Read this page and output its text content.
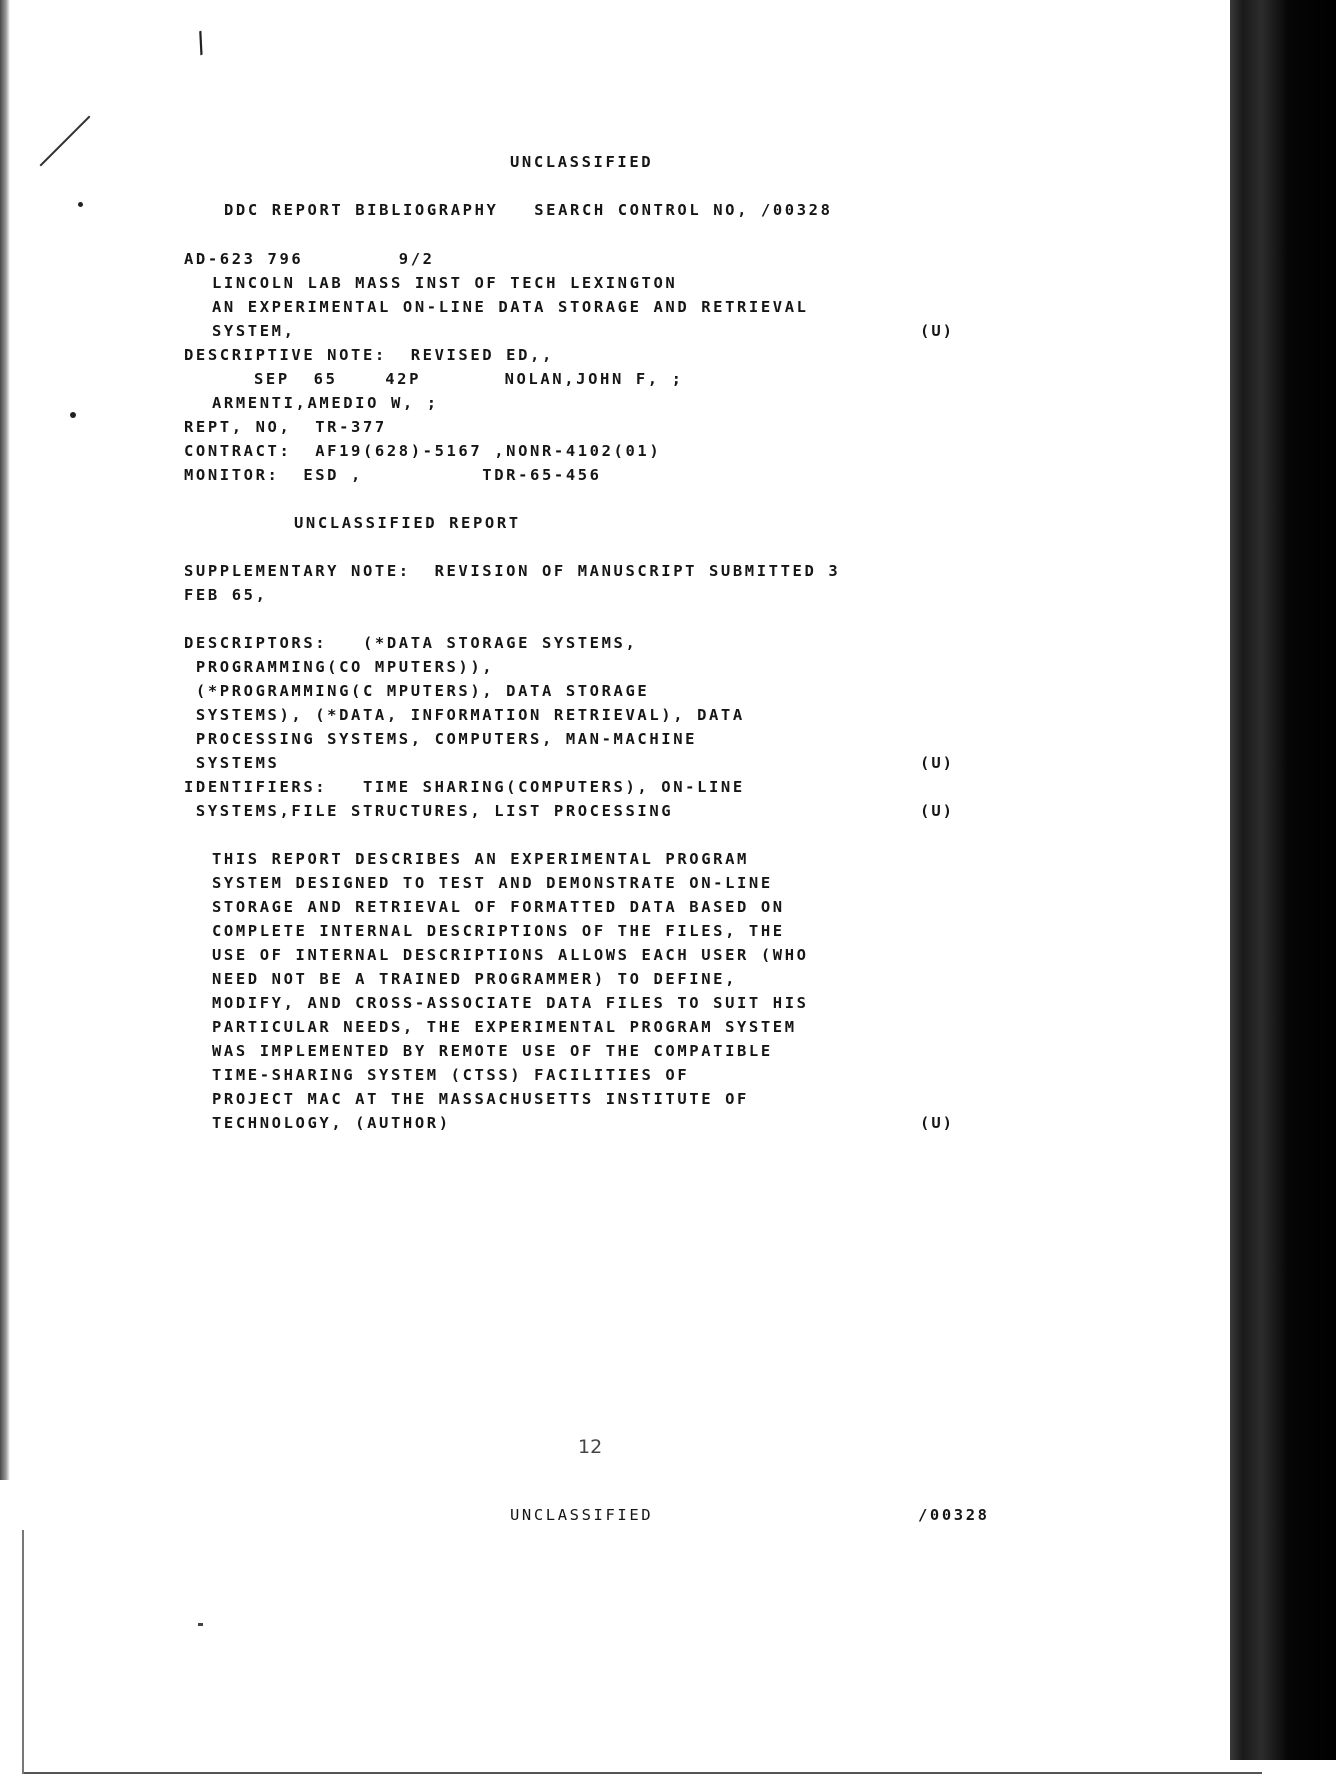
/
UNCLASSIFIED
DDC REPORT BIBLIOGRAPHY   SEARCH CONTROL NO, /00328
AD-623 796        9/2
LINCOLN LAB MASS INST OF TECH LEXINGTON
AN EXPERIMENTAL ON-LINE DATA STORAGE AND RETRIEVAL
SYSTEM,	(U)
DESCRIPTIVE NOTE:  REVISED ED,,
SEP  65    42P       NOLAN,JOHN F, ;
ARMENTI,AMEDIO W, ;
REPT, NO,  TR-377
CONTRACT:  AF19(628)-5167 ,NONR-4102(01)
MONITOR:  ESD ,          TDR-65-456
UNCLASSIFIED REPORT
SUPPLEMENTARY NOTE:  REVISION OF MANUSCRIPT SUBMITTED 3
FEB 65,
DESCRIPTORS:   (*DATA STORAGE SYSTEMS,
PROGRAMMING(CO MPUTERS)),
(*PROGRAMMING(C MPUTERS), DATA STORAGE
SYSTEMS), (*DATA, INFORMATION RETRIEVAL), DATA
PROCESSING SYSTEMS, COMPUTERS, MAN-MACHINE
SYSTEMS	(U)
IDENTIFIERS:   TIME SHARING(COMPUTERS), ON-LINE
SYSTEMS,FILE STRUCTURES, LIST PROCESSING	(U)
THIS REPORT DESCRIBES AN EXPERIMENTAL PROGRAM
SYSTEM DESIGNED TO TEST AND DEMONSTRATE ON-LINE
STORAGE AND RETRIEVAL OF FORMATTED DATA BASED ON
COMPLETE INTERNAL DESCRIPTIONS OF THE FILES, THE
USE OF INTERNAL DESCRIPTIONS ALLOWS EACH USER (WHO
NEED NOT BE A TRAINED PROGRAMMER) TO DEFINE,
MODIFY, AND CROSS-ASSOCIATE DATA FILES TO SUIT HIS
PARTICULAR NEEDS, THE EXPERIMENTAL PROGRAM SYSTEM
WAS IMPLEMENTED BY REMOTE USE OF THE COMPATIBLE
TIME-SHARING SYSTEM (CTSS) FACILITIES OF
PROJECT MAC AT THE MASSACHUSETTS INSTITUTE OF
TECHNOLOGY, (AUTHOR)	(U)
12
UNCLASSIFIED	/00328
